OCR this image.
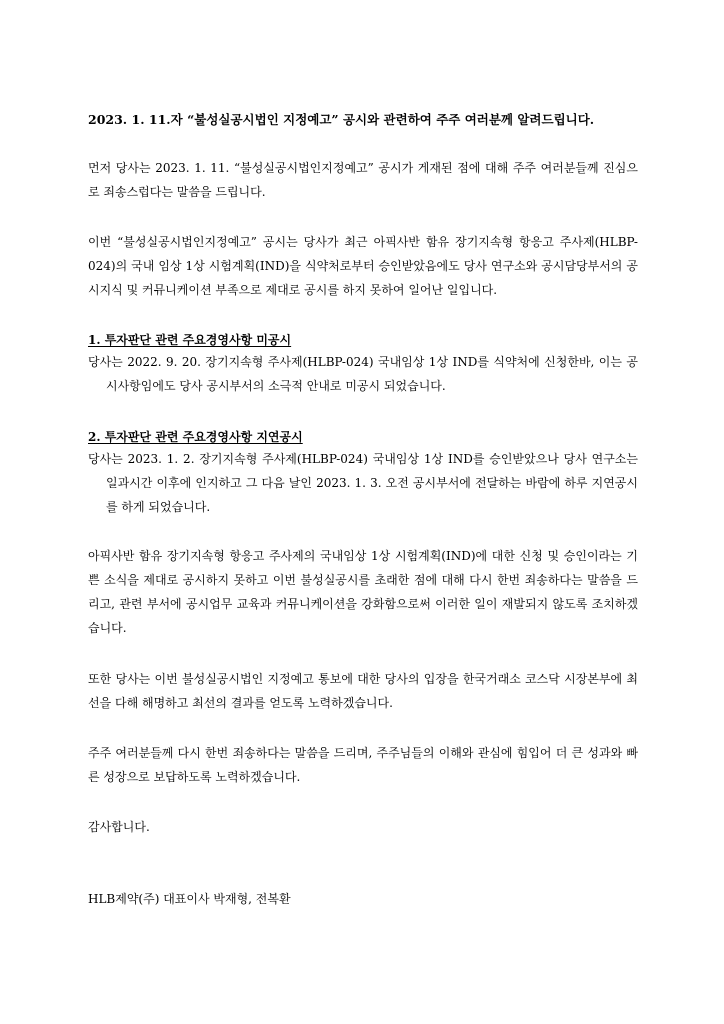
2023. 1. 11.자 “불성실공시법인 지정예고” 공시와 관련하여 주주 여러분께 알려드립니다.
먼저 당사는 2023. 1. 11. “불성실공시법인지정예고” 공시가 게재된 점에 대해 주주 여러분들께 진심으로 죄송스럽다는 말씀을 드립니다.
이번 “불성실공시법인지정예고” 공시는 당사가 최근 아픽사반 함유 장기지속형 항응고 주사제(HLBP-024)의 국내 임상 1상 시험계획(IND)을 식약처로부터 승인받았음에도 당사 연구소와 공시담당부서의 공시지식 및 커뮤니케이션 부족으로 제대로 공시를 하지 못하여 일어난 일입니다.
1. 투자판단 관련 주요경영사항 미공시
당사는 2022. 9. 20. 장기지속형 주사제(HLBP-024) 국내임상 1상 IND를 식약처에 신청한바, 이는 공시사항임에도 당사 공시부서의 소극적 안내로 미공시 되었습니다.
2. 투자판단 관련 주요경영사항 지연공시
당사는 2023. 1. 2. 장기지속형 주사제(HLBP-024) 국내임상 1상 IND를 승인받았으나 당사 연구소는 일과시간 이후에 인지하고 그 다음 날인 2023. 1. 3. 오전 공시부서에 전달하는 바람에 하루 지연공시를 하게 되었습니다.
아픽사반 함유 장기지속형 항응고 주사제의 국내임상 1상 시험계획(IND)에 대한 신청 및 승인이라는 기쁜 소식을 제대로 공시하지 못하고 이번 불성실공시를 초래한 점에 대해 다시 한번 죄송하다는 말씀을 드리고, 관련 부서에 공시업무 교육과 커뮤니케이션을 강화함으로써 이러한 일이 재발되지 않도록 조치하겠습니다.
또한 당사는 이번 불성실공시법인 지정예고 통보에 대한 당사의 입장을 한국거래소 코스닥 시장본부에 최선을 다해 해명하고 최선의 결과를 얻도록 노력하겠습니다.
주주 여러분들께 다시 한번 죄송하다는 말씀을 드리며, 주주님들의 이해와 관심에 힘입어 더 큰 성과와 빠른 성장으로 보답하도록 노력하겠습니다.
감사합니다.
HLB제약(주) 대표이사 박재형, 전복환
